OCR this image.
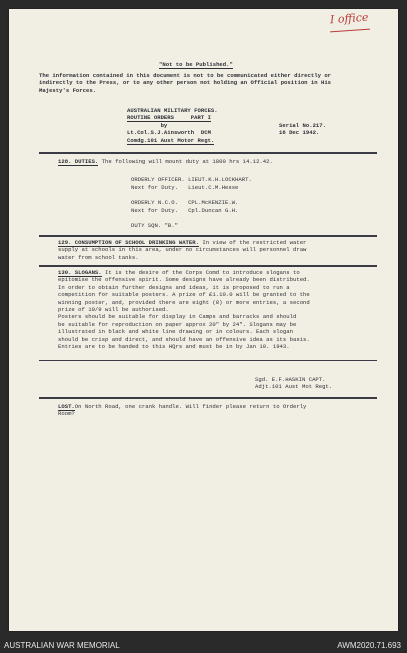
I office
"Not to be Published."
The information contained in this document is not to be communicated either directly or
indirectly to the Press, or to any other person not holding an Official position in His
Majesty's Forces.
AUSTRALIAN MILITARY FORCES.
ROUTINE ORDERS     PART I
by
Lt.Col.S.J.Ainsworth  DCM
Comdg.101 Aust Motor Regt.
Serial No.217.
16 Dec 1942.
128. DUTIES. The following will mount duty at 1800 hrs 14.12.42.
ORDERLY OFFICER. LIEUT.K.H.LOCKHART.
Next for Duty.   Lieut.C.M.Hesse
ORDERLY N.C.O.   CPL.McKENZIE.W.
Next for Duty.   Cpl.Duncan G.H.
DUTY SQN. "B."
129. CONSUMPTION OF SCHOOL DRINKING WATER. In view of the restricted water
supply at schools in this area, under no circumstances will personnel draw
water from school tanks.
130. SLOGANS. It is the desire of the Corps Comd to introduce slogans to
epitomise the offensive spirit. Some designs have already been distributed.
In order to obtain further designs and ideas, it is proposed to run a
competition for suitable posters. A prize of £1.10.0 will be granted to the
winning poster, and, provided there are eight (8) or more entries, a second
prize of 10/9 will be authorised.
Posters should be suitable for display in Camps and barracks and should
be suitable for reproduction on paper approx 20" by 24". Slogans may be
illustrated in black and white line drawing or in colours. Each slogan
should be crisp and direct, and should have an offensive idea as its basis.
Entries are to be handed to this HQrs and must be in by Jan 10. 1943.
Sgd. E.F.HASKIN CAPT.
Adjt.101 Aust Mot Regt.
LOST.On North Road, one crank handle. Will finder please return to Orderly
Room?
AUSTRALIAN WAR MEMORIAL	AWM2020.71.693
